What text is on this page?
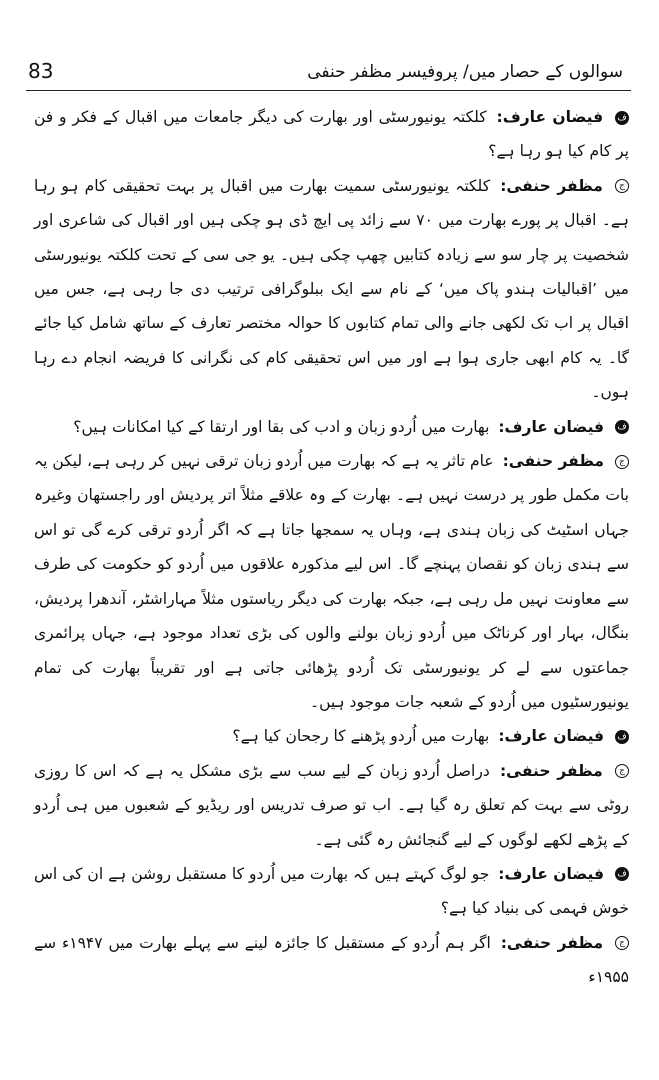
83	سوالوں کے حصار میں/ پروفیسر مظفر حنفی

ف فیضان عارف: کلکتہ یونیورسٹی اور بھارت کی دیگر جامعات میں اقبال کے فکر و فن پر کام کیا ہو رہا ہے؟

ج مظفر حنفی: کلکتہ یونیورسٹی سمیت بھارت میں اقبال پر بہت تحقیقی کام ہو رہا ہے۔ اقبال پر پورے بھارت میں ۷۰ سے زائد پی ایچ ڈی ہو چکی ہیں اور اقبال کی شاعری اور شخصیت پر چار سو سے زیادہ کتابیں چھپ چکی ہیں۔ یو جی سی کے تحت کلکتہ یونیورسٹی میں ’اقبالیات ہندو پاک میں‘ کے نام سے ایک ببلوگرافی ترتیب دی جا رہی ہے، جس میں اقبال پر اب تک لکھی جانے والی تمام کتابوں کا حوالہ مختصر تعارف کے ساتھ شامل کیا جائے گا۔ یہ کام ابھی جاری ہوا ہے اور میں اس تحقیقی کام کی نگرانی کا فریضہ انجام دے رہا ہوں۔

ف فیضان عارف: بھارت میں اُردو زبان و ادب کی بقا اور ارتقا کے کیا امکانات ہیں؟

ج مظفر حنفی: عام تاثر یہ ہے کہ بھارت میں اُردو زبان ترقی نہیں کر رہی ہے، لیکن یہ بات مکمل طور پر درست نہیں ہے۔ بھارت کے وہ علاقے مثلاً اتر پردیش اور راجستھان وغیرہ جہاں اسٹیٹ کی زبان ہندی ہے، وہاں یہ سمجھا جاتا ہے کہ اگر اُردو ترقی کرے گی تو اس سے ہندی زبان کو نقصان پہنچے گا۔ اس لیے مذکورہ علاقوں میں اُردو کو حکومت کی طرف سے معاونت نہیں مل رہی ہے، جبکہ بھارت کی دیگر ریاستوں مثلاً مہاراشٹر، آندھرا پردیش، بنگال، بہار اور کرناٹک میں اُردو زبان بولنے والوں کی بڑی تعداد موجود ہے، جہاں پرائمری جماعتوں سے لے کر یونیورسٹی تک اُردو پڑھائی جاتی ہے اور تقریباً بھارت کی تمام یونیورسٹیوں میں اُردو کے شعبہ جات موجود ہیں۔

ف فیضان عارف: بھارت میں اُردو پڑھنے کا رجحان کیا ہے؟

ج مظفر حنفی: دراصل اُردو زبان کے لیے سب سے بڑی مشکل یہ ہے کہ اس کا روزی روٹی سے بہت کم تعلق رہ گیا ہے۔ اب تو صرف تدریس اور ریڈیو کے شعبوں میں ہی اُردو کے پڑھے لکھے لوگوں کے لیے گنجائش رہ گئی ہے۔

ف فیضان عارف: جو لوگ کہتے ہیں کہ بھارت میں اُردو کا مستقبل روشن ہے ان کی اس خوش فہمی کی بنیاد کیا ہے؟

ج مظفر حنفی: اگر ہم اُردو کے مستقبل کا جائزہ لینے سے پہلے بھارت میں ۱۹۴۷ء سے ۱۹۵۵ء
